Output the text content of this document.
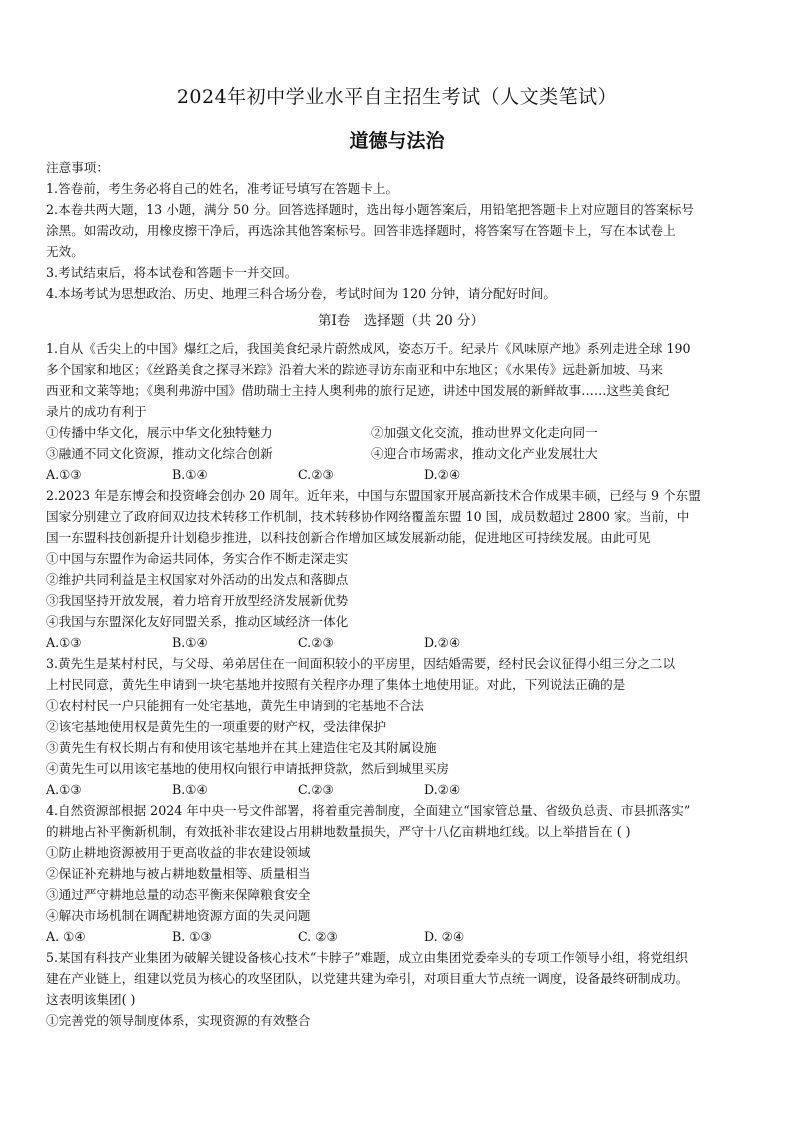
2024年初中学业水平自主招生考试（人文类笔试）
道德与法治

注意事项：

1.答卷前，考生务必将自己的姓名，准考证号填写在答题卡上。

2.本卷共两大题，13 小题，满分 50 分。回答选择题时，选出每小题答案后，用铅笔把答题卡上对应题目的答案标号

涂黑。如需改动，用橡皮擦干净后，再选涂其他答案标号。回答非选择题时，将答案写在答题卡上，写在本试卷上

无效。

3.考试结束后，将本试卷和答题卡一并交回。

4.本场考试为思想政治、历史、地理三科合场分卷，考试时间为 120 分钟，请分配好时间。

第Ⅰ卷　选择题（共 20 分）

1.自从《舌尖上的中国》爆红之后，我国美食纪录片蔚然成风，姿态万千。纪录片《风味原产地》系列走进全球 190

多个国家和地区；《丝路美食之探寻米踪》沿着大米的踪迹寻访东南亚和中东地区；《水果传》远赴新加坡、马来

西亚和文莱等地；《奥利弗游中国》借助瑞士主持人奥利弗的旅行足迹，讲述中国发展的新鲜故事……这些美食纪

录片的成功有利于

①传播中华文化，展示中华文化独特魅力	②加强文化交流，推动世界文化走向同一
③融通不同文化资源，推动文化综合创新	④迎合市场需求，推动文化产业发展壮大
A.①③	B.①④	C.②③	D.②④

2.2023 年是东博会和投资峰会创办 20 周年。近年来，中国与东盟国家开展高新技术合作成果丰硕，已经与 9 个东盟

国家分别建立了政府间双边技术转移工作机制，技术转移协作网络覆盖东盟 10 国，成员数超过 2800 家。当前，中

国一东盟科技创新提升计划稳步推进，以科技创新合作增加区域发展新动能，促进地区可持续发展。由此可见

①中国与东盟作为命运共同体，务实合作不断走深走实

②维护共同利益是主权国家对外活动的出发点和落脚点

③我国坚持开放发展，着力培育开放型经济发展新优势

④我国与东盟深化友好同盟关系，推动区域经济一体化

A.①③	B.①④	C.②③	D.②④

3.黄先生是某村村民，与父母、弟弟居住在一间面积较小的平房里，因结婚需要，经村民会议征得小组三分之二以

上村民同意，黄先生申请到一块宅基地并按照有关程序办理了集体土地使用证。对此，下列说法正确的是

①农村村民一户只能拥有一处宅基地，黄先生申请到的宅基地不合法

②该宅基地使用权是黄先生的一项重要的财产权，受法律保护

③黄先生有权长期占有和使用该宅基地并在其上建造住宅及其附属设施

④黄先生可以用该宅基地的使用权向银行申请抵押贷款，然后到城里买房

A.①③	B.①④	C.②③	D.②④

4.自然资源部根据 2024 年中央一号文件部署，将着重完善制度，全面建立“国家管总量、省级负总责、市县抓落实”

的耕地占补平衡新机制，有效抵补非农建设占用耕地数量损失，严守十八亿亩耕地红线。以上举措旨在 ( )

①防止耕地资源被用于更高收益的非农建设领域

②保证补充耕地与被占耕地数量相等、质量相当

③通过严守耕地总量的动态平衡来保障粮食安全

④解决市场机制在调配耕地资源方面的失灵问题

A. ①④	B. ①③	C. ②③	D. ②④

5.某国有科技产业集团为破解关键设备核心技术“卡脖子”难题，成立由集团党委牵头的专项工作领导小组，将党组织

建在产业链上，组建以党员为核心的攻坚团队，以党建共建为牵引，对项目重大节点统一调度，设备最终研制成功。

这表明该集团( )

①完善党的领导制度体系，实现资源的有效整合
